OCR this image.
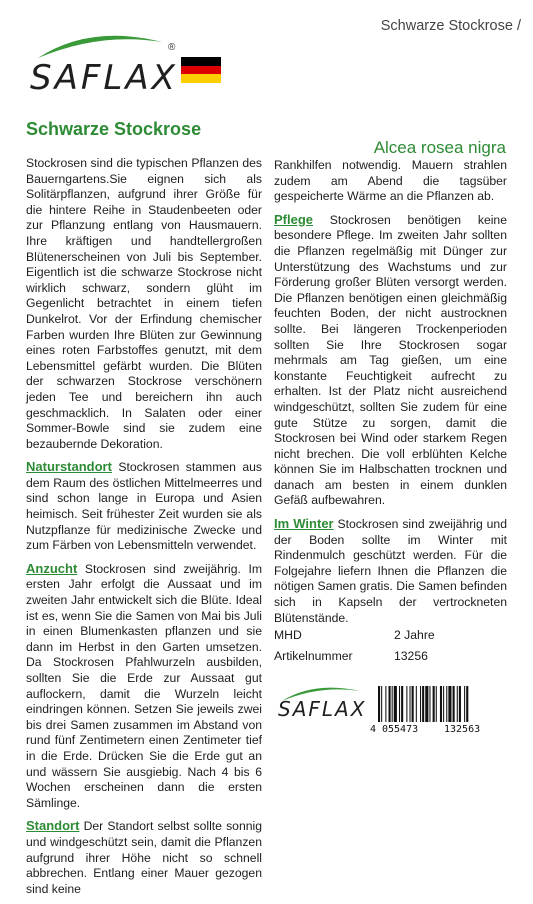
Schwarze Stockrose /
SAFLAX
®
Schwarze Stockrose
Alcea rosea nigra

Stockrosen sind die typischen Pflanzen des Bauerngartens.Sie eignen sich als Solitärpflanzen, aufgrund ihrer Größe für die hintere Reihe in Staudenbeeten oder zur Pflanzung entlang von Hausmauern. Ihre kräftigen und handtellergroßen Blütenerscheinen von Juli bis September. Eigentlich ist die schwarze Stockrose nicht wirklich schwarz, sondern glüht im Gegenlicht betrachtet in einem tiefen Dunkelrot. Vor der Erfindung chemischer Farben wurden Ihre Blüten zur Gewinnung eines roten Farbstoffes genutzt, mit dem Lebensmittel gefärbt wurden. Die Blüten der schwarzen Stockrose verschönern jeden Tee und bereichern ihn auch geschmacklich. In Salaten oder einer Sommer-Bowle sind sie zudem eine bezaubernde Dekoration.

Naturstandort Stockrosen stammen aus dem Raum des östlichen Mittelmeerres und sind schon lange in Europa und Asien heimisch. Seit frühester Zeit wurden sie als Nutzpflanze für medizinische Zwecke und zum Färben von Lebensmitteln verwendet.

Anzucht Stockrosen sind zweijährig. Im ersten Jahr erfolgt die Aussaat und im zweiten Jahr entwickelt sich die Blüte. Ideal ist es, wenn Sie die Samen von Mai bis Juli in einen Blumenkasten pflanzen und sie dann im Herbst in den Garten umsetzen. Da Stockrosen Pfahlwurzeln ausbilden, sollten Sie die Erde zur Aussaat gut auflockern, damit die Wurzeln leicht eindringen können. Setzen Sie jeweils zwei bis drei Samen zusammen im Abstand von rund fünf Zentimetern einen Zentimeter tief in die Erde. Drücken Sie die Erde gut an und wässern Sie ausgiebig. Nach 4 bis 6 Wochen erscheinen dann die ersten Sämlinge.

Standort Der Standort selbst sollte sonnig und windgeschützt sein, damit die Pflanzen aufgrund ihrer Höhe nicht so schnell abbrechen. Entlang einer Mauer gezogen sind keine

Rankhilfen notwendig. Mauern strahlen zudem am Abend die tagsüber gespeicherte Wärme an die Pflanzen ab.

Pflege Stockrosen benötigen keine besondere Pflege. Im zweiten Jahr sollten die Pflanzen regelmäßig mit Dünger zur Unterstützung des Wachstums und zur Förderung großer Blüten versorgt werden. Die Pflanzen benötigen einen gleichmäßig feuchten Boden, der nicht austrocknen sollte. Bei längeren Trockenperioden sollten Sie Ihre Stockrosen sogar mehrmals am Tag gießen, um eine konstante Feuchtigkeit aufrecht zu erhalten. Ist der Platz nicht ausreichend windgeschützt, sollten Sie zudem für eine gute Stütze zu sorgen, damit die Stockrosen bei Wind oder starkem Regen nicht brechen. Die voll erblühten Kelche können Sie im Halbschatten trocknen und danach am besten in einem dunklen Gefäß aufbewahren.

Im Winter Stockrosen sind zweijährig und der Boden sollte im Winter mit Rindenmulch geschützt werden. Für die Folgejahre liefern Ihnen die Pflanzen die nötigen Samen gratis. Die Samen befinden sich in Kapseln der vertrockneten Blütenstände.

MHD	2 Jahre
Artikelnummer	13256
SAFLAX
4 055473	132563
